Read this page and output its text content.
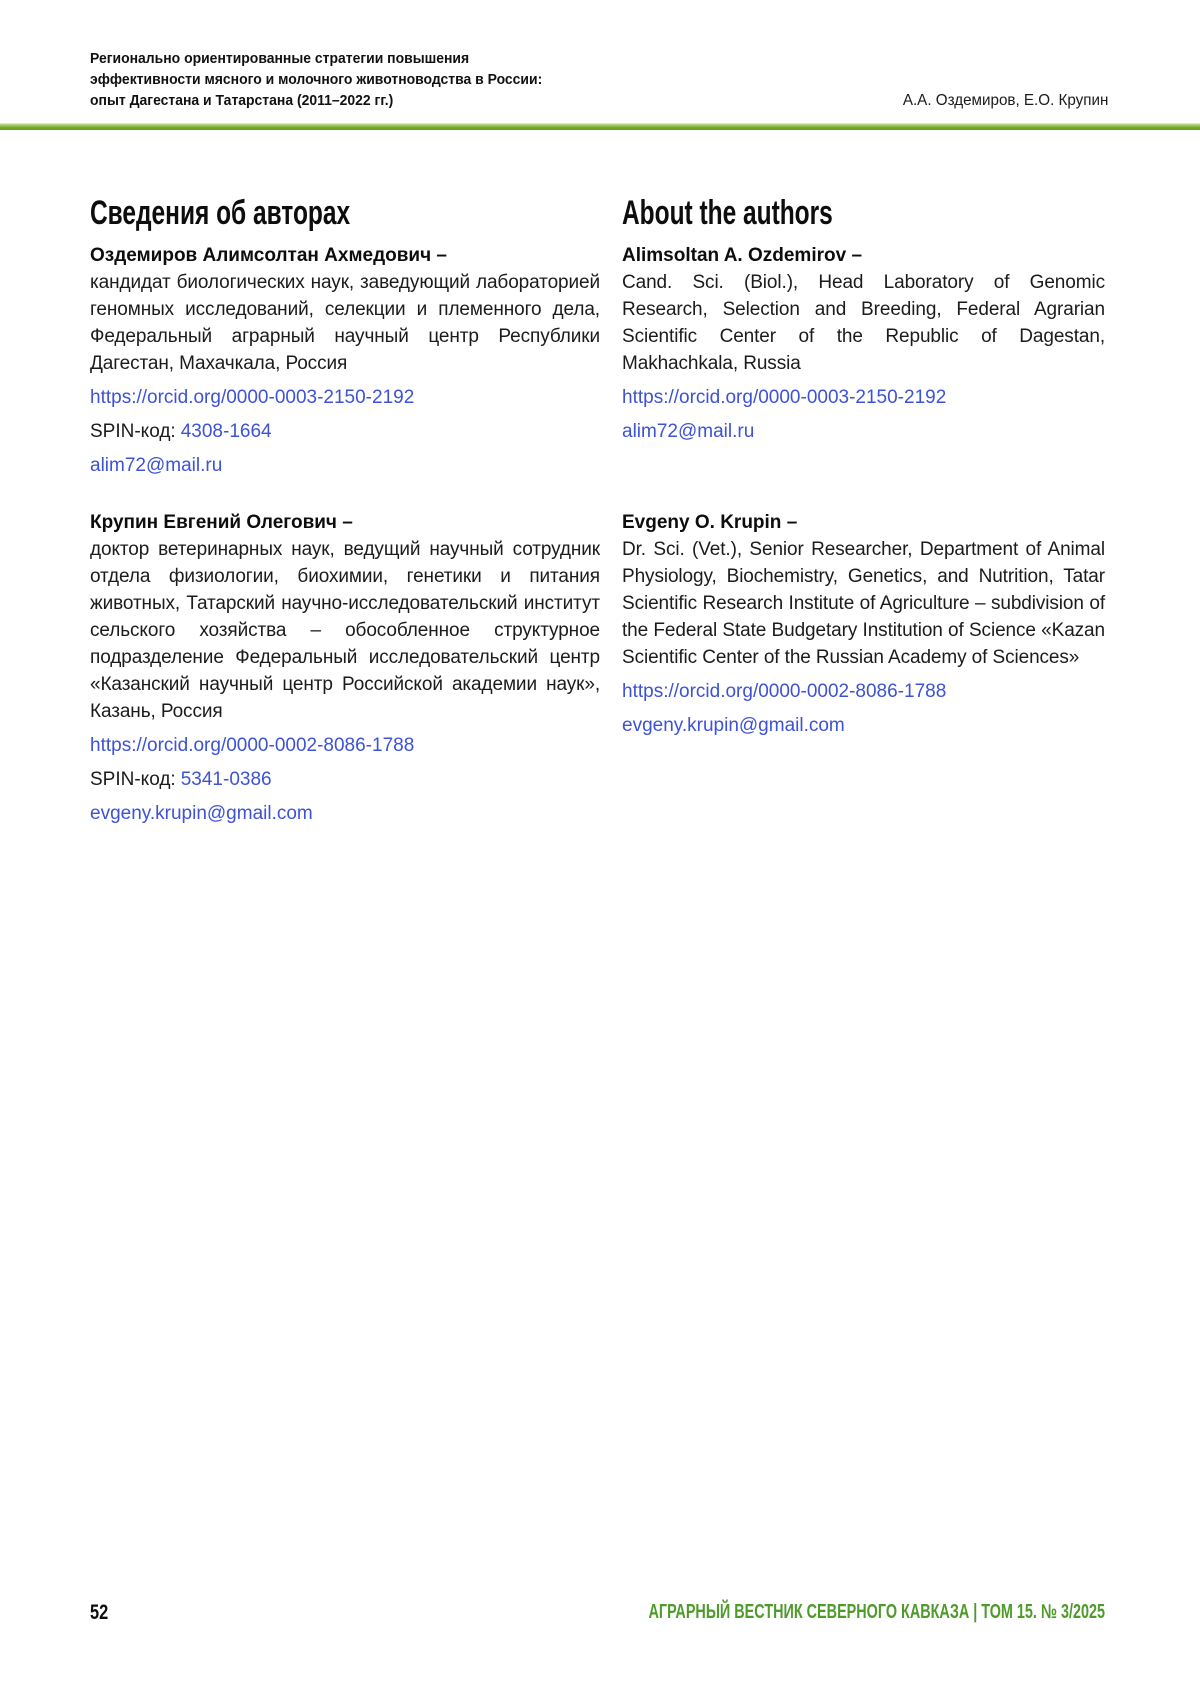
Регионально ориентированные стратегии повышения
эффективности мясного и молочного животноводства в России:
опыт Дагестана и Татарстана (2011–2022 гг.)	А.А. Оздемиров, Е.О. Крупин
Сведения об авторах	About the authors
Оздемиров Алимсолтан Ахмедович –

кандидат биологических наук, заведующий лабораторией геномных исследований, селекции и племенного дела, Федеральный аграрный научный центр Республики Дагестан, Махачкала, Россия

https://orcid.org/0000-0003-2150-2192
SPIN-код: 4308-1664
alim72@mail.ru
Alimsoltan A. Ozdemirov –

Cand. Sci. (Biol.), Head Laboratory of Genomic Research, Selection and Breeding, Federal Agrarian Scientific Center of the Republic of Dagestan, Makhachkala, Russia

https://orcid.org/0000-0003-2150-2192
alim72@mail.ru
Крупин Евгений Олегович –

доктор ветеринарных наук, ведущий научный сотрудник отдела физиологии, биохимии, генетики и питания животных, Татарский научно-исследовательский институт сельского хозяйства – обособленное структурное подразделение Федеральный исследовательский центр «Казанский научный центр Российской академии наук», Казань, Россия

https://orcid.org/0000-0002-8086-1788
SPIN-код: 5341-0386
evgeny.krupin@gmail.com
Evgeny O. Krupin –

Dr. Sci. (Vet.), Senior Researcher, Department of Animal Physiology, Biochemistry, Genetics, and Nutrition, Tatar Scientific Research Institute of Agriculture – subdivision of the Federal State Budgetary Institution of Science «Kazan Scientific Center of the Russian Academy of Sciences»

https://orcid.org/0000-0002-8086-1788
evgeny.krupin@gmail.com
52	АГРАРНЫЙ ВЕСТНИК СЕВЕРНОГО КАВКАЗА | ТОМ 15. № 3/2025
